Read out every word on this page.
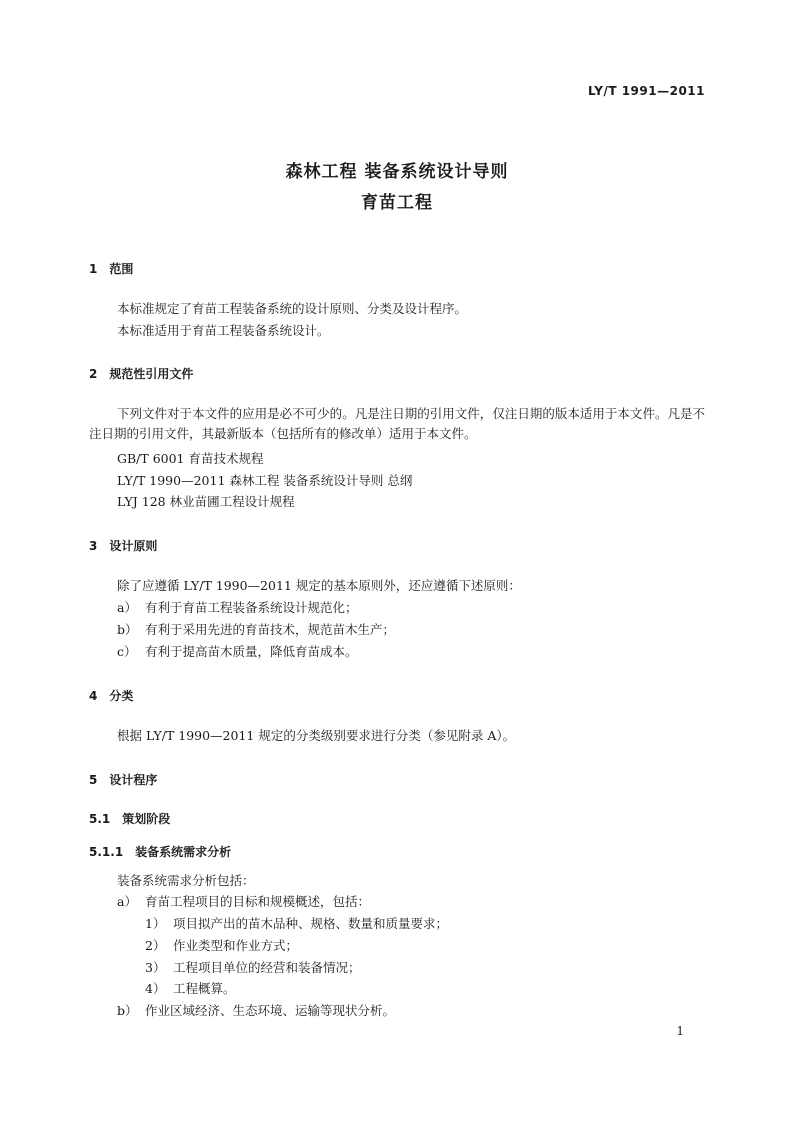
LY/T 1991—2011
森林工程 装备系统设计导则
育苗工程
1 范围
本标准规定了育苗工程装备系统的设计原则、分类及设计程序。
本标准适用于育苗工程装备系统设计。
2 规范性引用文件
下列文件对于本文件的应用是必不可少的。凡是注日期的引用文件，仅注日期的版本适用于本文件。凡是不注日期的引用文件，其最新版本（包括所有的修改单）适用于本文件。
GB/T 6001 育苗技术规程
LY/T 1990—2011 森林工程 装备系统设计导则 总纲
LYJ 128 林业苗圃工程设计规程
3 设计原则
除了应遵循 LY/T 1990—2011 规定的基本原则外，还应遵循下述原则：
a） 有利于育苗工程装备系统设计规范化；
b） 有利于采用先进的育苗技术，规范苗木生产；
c） 有利于提高苗木质量，降低育苗成本。
4 分类
根据 LY/T 1990—2011 规定的分类级别要求进行分类（参见附录 A）。
5 设计程序
5.1 策划阶段
5.1.1 装备系统需求分析
装备系统需求分析包括：
a） 育苗工程项目的目标和规模概述，包括：
1） 项目拟产出的苗木品种、规格、数量和质量要求；
2） 作业类型和作业方式；
3） 工程项目单位的经营和装备情况；
4） 工程概算。
b） 作业区域经济、生态环境、运输等现状分析。
1
